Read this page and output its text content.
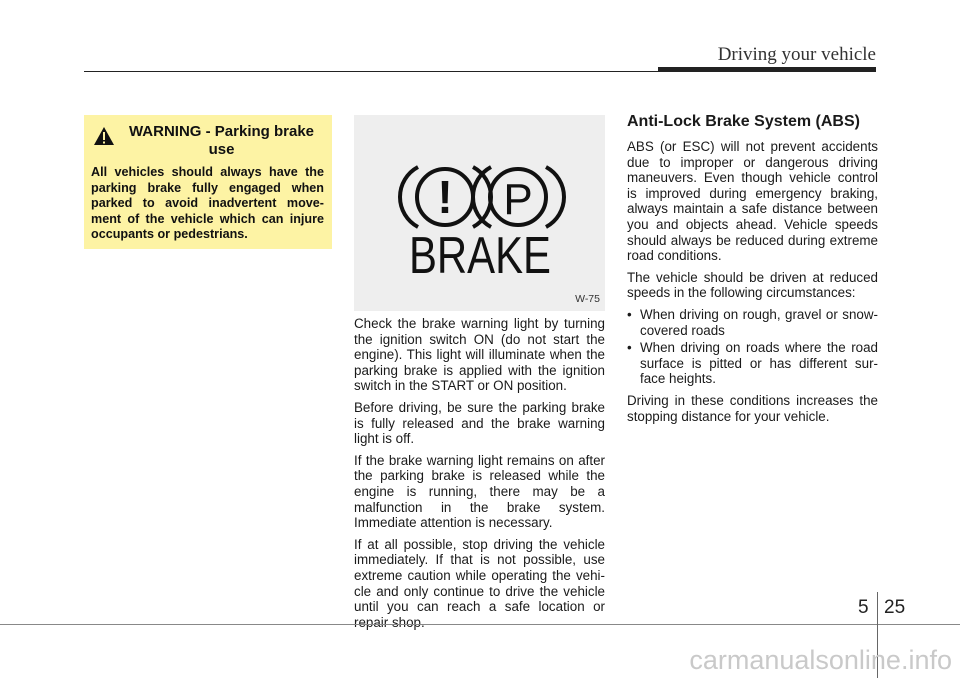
Driving your vehicle
WARNING - Parking brake
use
All vehicles should always have the parking brake fully engaged when parked to avoid inadvertent move-ment of the vehicle which can injure occupants or pedestrians.
! P
BRAKE
W-75

Check the brake warning light by turning the ignition switch ON (do not start the engine). This light will illuminate when the parking brake is applied with the ignition switch in the START or ON position.

Before driving, be sure the parking brake is fully released and the brake warning light is off.

If the brake warning light remains on after the parking brake is released while the engine is running, there may be a malfunction in the brake system. Immediate attention is necessary.

If at all possible, stop driving the vehicle immediately. If that is not possible, use extreme caution while operating the vehi-cle and only continue to drive the vehicle until you can reach a safe location or repair shop.

Anti-Lock Brake System (ABS)

ABS (or ESC) will not prevent accidents due to improper or dangerous driving maneuvers. Even though vehicle control is improved during emergency braking, always maintain a safe distance between you and objects ahead. Vehicle speeds should always be reduced during extreme road conditions.

The vehicle should be driven at reduced speeds in the following circumstances:

• When driving on rough, gravel or snow-covered roads
• When driving on roads where the road surface is pitted or has different sur-face heights.

Driving in these conditions increases the stopping distance for your vehicle.

5 25
carmanualsonline.info
